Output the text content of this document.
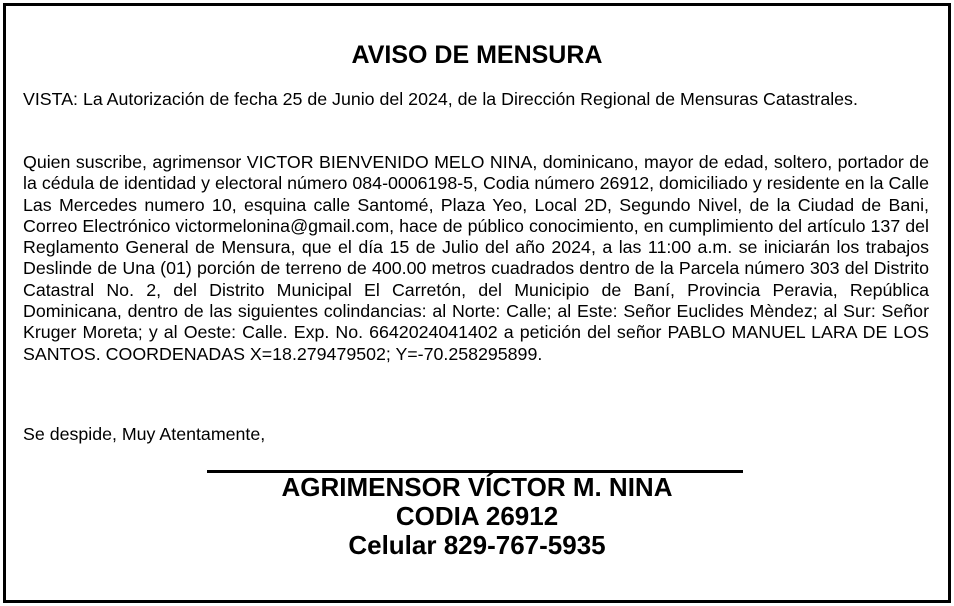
AVISO DE MENSURA

VISTA: La Autorización de fecha 25 de Junio del 2024, de la Dirección Regional de Mensuras Catastrales.

Quien suscribe, agrimensor VICTOR BIENVENIDO MELO NINA, dominicano, mayor de edad, soltero, portador de la cédula de identidad y electoral número 084-0006198-5, Codia número 26912, domiciliado y residente en la Calle Las Mercedes numero 10, esquina calle Santomé, Plaza Yeo, Local 2D, Segundo Nivel, de la Ciudad de Bani, Correo Electrónico victormelonina@gmail.com, hace de público conocimiento, en cumplimiento del artículo 137 del Reglamento General de Mensura, que el día 15 de Julio del año 2024, a las 11:00 a.m. se iniciarán los trabajos Deslinde de Una (01) porción de terreno de 400.00 metros cuadrados dentro de la Parcela número 303 del Distrito Catastral No. 2, del Distrito Municipal El Carretón, del Municipio de Baní, Provincia Peravia, República Dominicana, dentro de las siguientes colindancias: al Norte: Calle; al Este: Señor Euclides Mèndez; al Sur: Señor Kruger Moreta; y al Oeste: Calle. Exp. No. 6642024041402 a petición del señor PABLO MANUEL LARA DE LOS SANTOS. COORDENADAS X=18.279479502; Y=-70.258295899.

Se despide, Muy Atentamente,

AGRIMENSOR VÍCTOR M. NINA
CODIA 26912
Celular 829-767-5935
